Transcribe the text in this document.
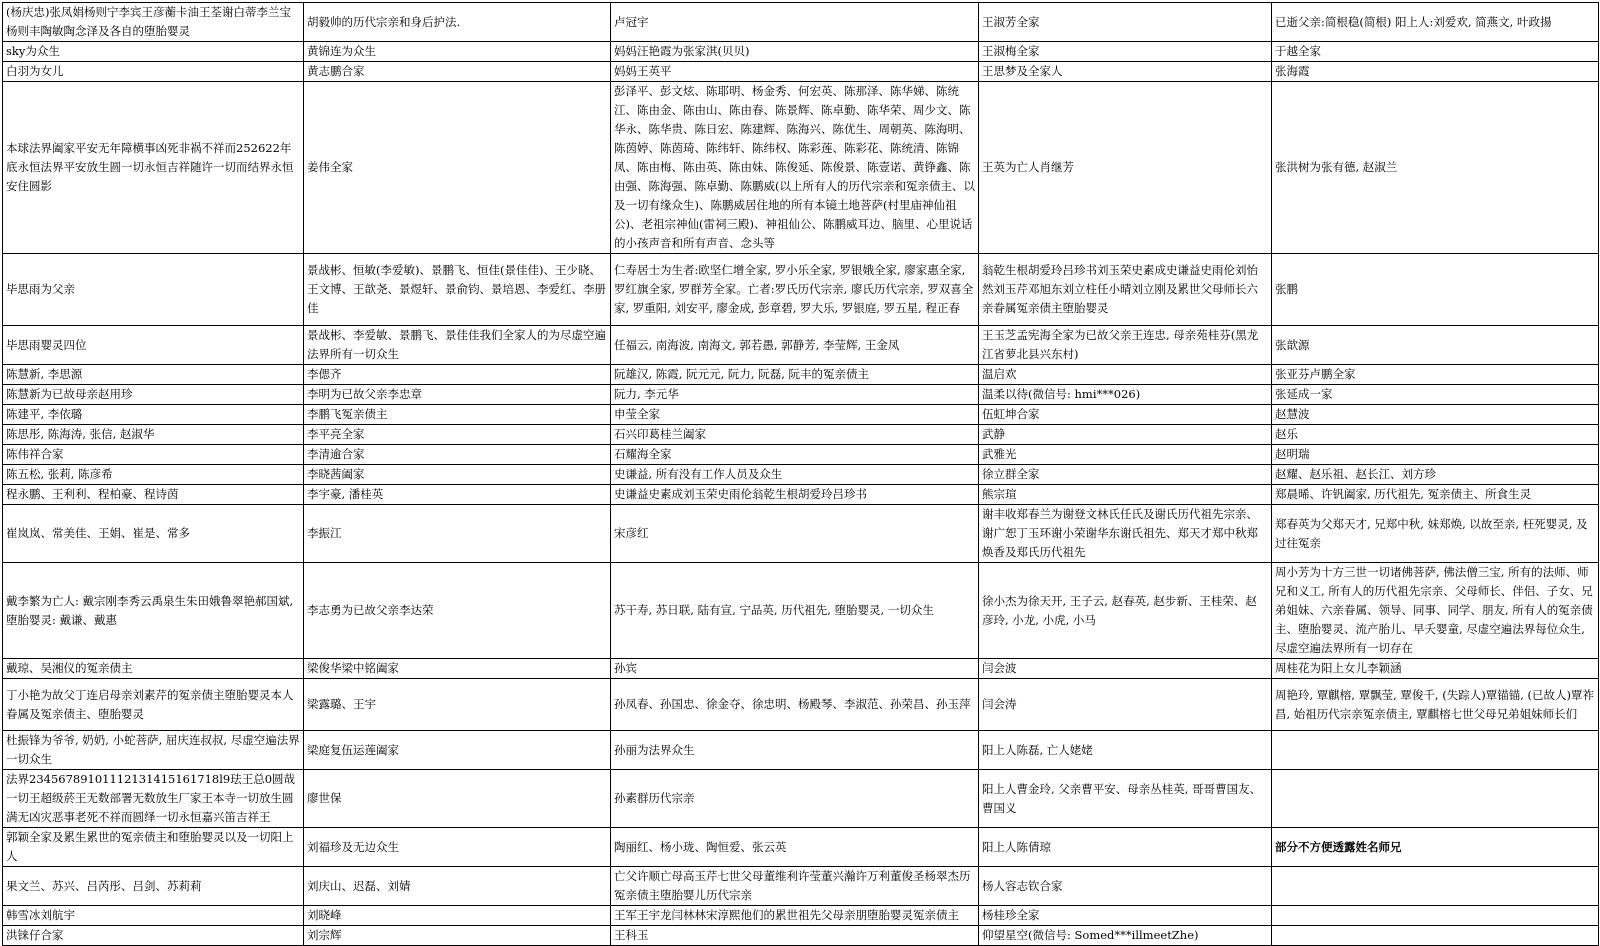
(杨庆忠)张凤娟杨则宁李宾王彦蘅卡油王荃谢白蒂李兰宝杨则丰陶敏陶念泽及各自的堕胎婴灵	胡毅帅的历代宗亲和身后护法.	卢冠宇	王淑芳全家	已逝父亲:简根稳(简根) 阳上人:刘爱欢, 简燕文, 叶政揚
sky为众生	黄锦连为众生	妈妈汪艳霞为张家淇(贝贝)	王淑梅全家	于越全家
白羽为女儿	黄志鹏合家	妈妈王英平	王思梦及全家人	张海霞
本球法界阖家平安无年障横事凶死非祸不祥而252622年底永恒法界平安放生圆一切永恒吉祥随许一切而结界永恒安住圆影	姜伟全家	彭泽平、彭文炫、陈耶明、杨金秀、何宏英、陈那泽、陈华娣、陈统江、陈由金、陈由山、陈由春、陈景辉、陈卓勤、陈华荣、周少文、陈华永、陈华贵、陈日宏、陈建辉、陈海兴、陈优生、周朝英、陈海明、陈茵婷、陈茵琦、陈纬轩、陈纬权、陈彩莲、陈彩花、陈统清、陈锦凤、陈由梅、陈由英、陈由妹、陈俊延、陈俊景、陈壹诺、黄铮鑫、陈由强、陈海强、陈卓勤、陈鹏威(以上所有人的历代宗亲和冤亲债主、以及一切有缘众生)、陈鹏威居住地的所有本镜土地菩萨(村里庙神仙祖公)、老祖宗神仙(雷祠三殿)、神祖仙公、陈鹏威耳边、脑里、心里说话的小孩声音和所有声音、念头等	王英为亡人肖继芳	张洪树为张有德, 赵淑兰
毕思雨为父亲	景战彬、恒敏(李爱敏)、景鹏飞、恒佳(景佳佳)、王少晓、王文博、王歆尧、景煜轩、景俞钧、景培恩、李爱红、李册佳	仁寿居士为生者:欧坚仁增全家, 罗小乐全家, 罗银娥全家, 廖家惠全家, 罗红旗全家, 罗群芳全家。亡者:罗氏历代宗亲, 廖氏历代宗亲, 罗双喜全家, 罗重阳, 刘安平, 廖金成, 彭章碧, 罗大乐, 罗银庭, 罗五星, 程正春	翁乾生根胡爱玲吕珍书刘玉荣史素成史谦益史雨伦刘怡然刘玉芹邓旭东刘立柱任小晴刘立刚及累世父母师长六亲眷属冤亲债主堕胎婴灵	张鹏
毕思雨婴灵四位	景战彬、李爱敏、景鹏飞、景佳佳我们全家人的为尽虚空遍法界所有一切众生	任福云, 南海波, 南海文, 郭若愚, 郭静芳, 李莹辉, 王金凤	王玉芝孟宪海全家为已故父亲王连忠, 母亲苑桂芬(黑龙江省萝北县兴东村)	张歆源
陈慧新, 李思源	李偲齐	阮雄汉, 陈霞, 阮元元, 阮力, 阮磊, 阮丰的冤亲债主	温启欢	张亚芬卢鹏全家
陈慧新为已故母亲赵用珍	李明为已故父亲李忠章	阮力, 李元华	温柔以待(微信号: hmi***026)	张延成一家
陈建平, 李依璐	李鹏飞冤亲债主	申莹全家	伍虹坤合家	赵慧波
陈思彤, 陈海涛, 张信, 赵淑华	李平亮全家	石兴印葛桂兰阖家	武静	赵乐
陈伟祥合家	李清逾合家	石耀海全家	武雅光	赵明瑞
陈五松, 张莉, 陈彦希	李晓茜阖家	史谦益, 所有没有工作人员及众生	徐立群全家	赵耀、赵乐祖、赵长江、刘方珍
程永鹏、王利利、程柏豪、程诗茵	李宇豪, 潘桂英	史谦益史素成刘玉荣史雨伦翁乾生根胡爱玲吕珍书	熊宗瑄	郑晨晞、许钒阖家, 历代祖先, 冤亲债主、所食生灵
崔岚岚、常美佳、王娟、崔是、常多	李振江	宋彦红	谢丰收郑春兰为谢登文林氏任氏及谢氏历代祖先宗亲、谢广恕丁玉环谢小荣谢华东谢氏祖先、郑天才郑中秋郑焕香及郑氏历代祖先	郑春英为父郑天才, 兄郑中秋, 妹郑焕, 以故至亲, 枉死婴灵, 及过往冤亲
戴李繁为亡人: 戴宗刚李秀云禹泉生朱田娥鲁翠艳郝国斌, 堕胎婴灵: 戴谦、戴惠	李志勇为已故父亲李达荣	苏干寿, 苏日联, 陆有宣, 宁品英, 历代祖先, 堕胎婴灵, 一切众生	徐小杰为徐天开, 王子云, 赵春英, 赵步新、王桂荣、赵彦玲, 小龙, 小虎, 小马	周小芳为十方三世一切诸佛菩萨, 佛法僧三宝, 所有的法师、师兄和义工, 所有人的历代祖先宗亲、父母师长、伴侣、子女、兄弟姐妹、六亲眷属、领导、同事、同学、朋友, 所有人的冤亲债主、堕胎婴灵、流产胎儿、早夭婴童, 尽虚空遍法界每位众生, 尽虚空遍法界所有一切存在
戴琼、吴湘仪的冤亲债主	梁俊华梁中铭阖家	孙宾	闫会波	周桂花为阳上女儿李颖涵
丁小艳为故父丁连启母亲刘素芹的冤亲债主堕胎婴灵本人眷属及冤亲债主、堕胎婴灵	梁露璐、王宇	孙凤春、孙国忠、徐金夺、徐忠明、杨殿琴、李淑范、孙荣昌、孙玉萍	闫会涛	周艳玲, 覃麒榕, 覃飘莹, 覃俊千, (失踪人)覃锚锚, (已故人)覃祚昌, 始祖历代宗亲冤亲债主, 覃麒榕七世父母兄弟姐妹师长们
杜振锋为爷爷, 奶奶, 小蛇菩萨, 屈庆连叔叔, 尽虚空遍法界一切众生	梁庭复伍运莲阖家	孙丽为法界众生	阳上人陈磊, 亡人姥姥	
法界23456789101112131415161718l9珐王总0圆哉一切王超级菸王无数部署无数放生厂家王本寺一切放生圆满无凶灾恶事老死不祥而圆绎一切永恒嘉兴笛吉祥王	廖世保	孙素群历代宗亲	阳上人曹金玲, 父亲曹平安、母亲丛桂英, 哥哥曹国友、曹国义	
郭颖全家及累生累世的冤亲债主和堕胎婴灵以及一切阳上人	刘福珍及无边众生	陶丽红、杨小珑、陶恒爱、张云英	阳上人陈倩琼	部分不方便透露姓名师兄
果文兰、苏兴、吕芮彤、吕剑、苏莉莉	刘庆山、迟磊、刘婧	亡父许顺亡母高玉芹七世父母董维利许莹董兴瀚许万利董俊圣杨翠杰历冤亲债主堕胎婴儿历代宗亲	杨人容志钦合家	
韩雪冰刘航宇	刘晓峰	王军王宇龙闫林林宋淳熙他们的累世祖先父母亲朋堕胎婴灵冤亲债主	杨桂珍全家	
洪铼仔合家	刘宗辉	王科玉	仰望星空(微信号: Somed***illmeetZhe)	
